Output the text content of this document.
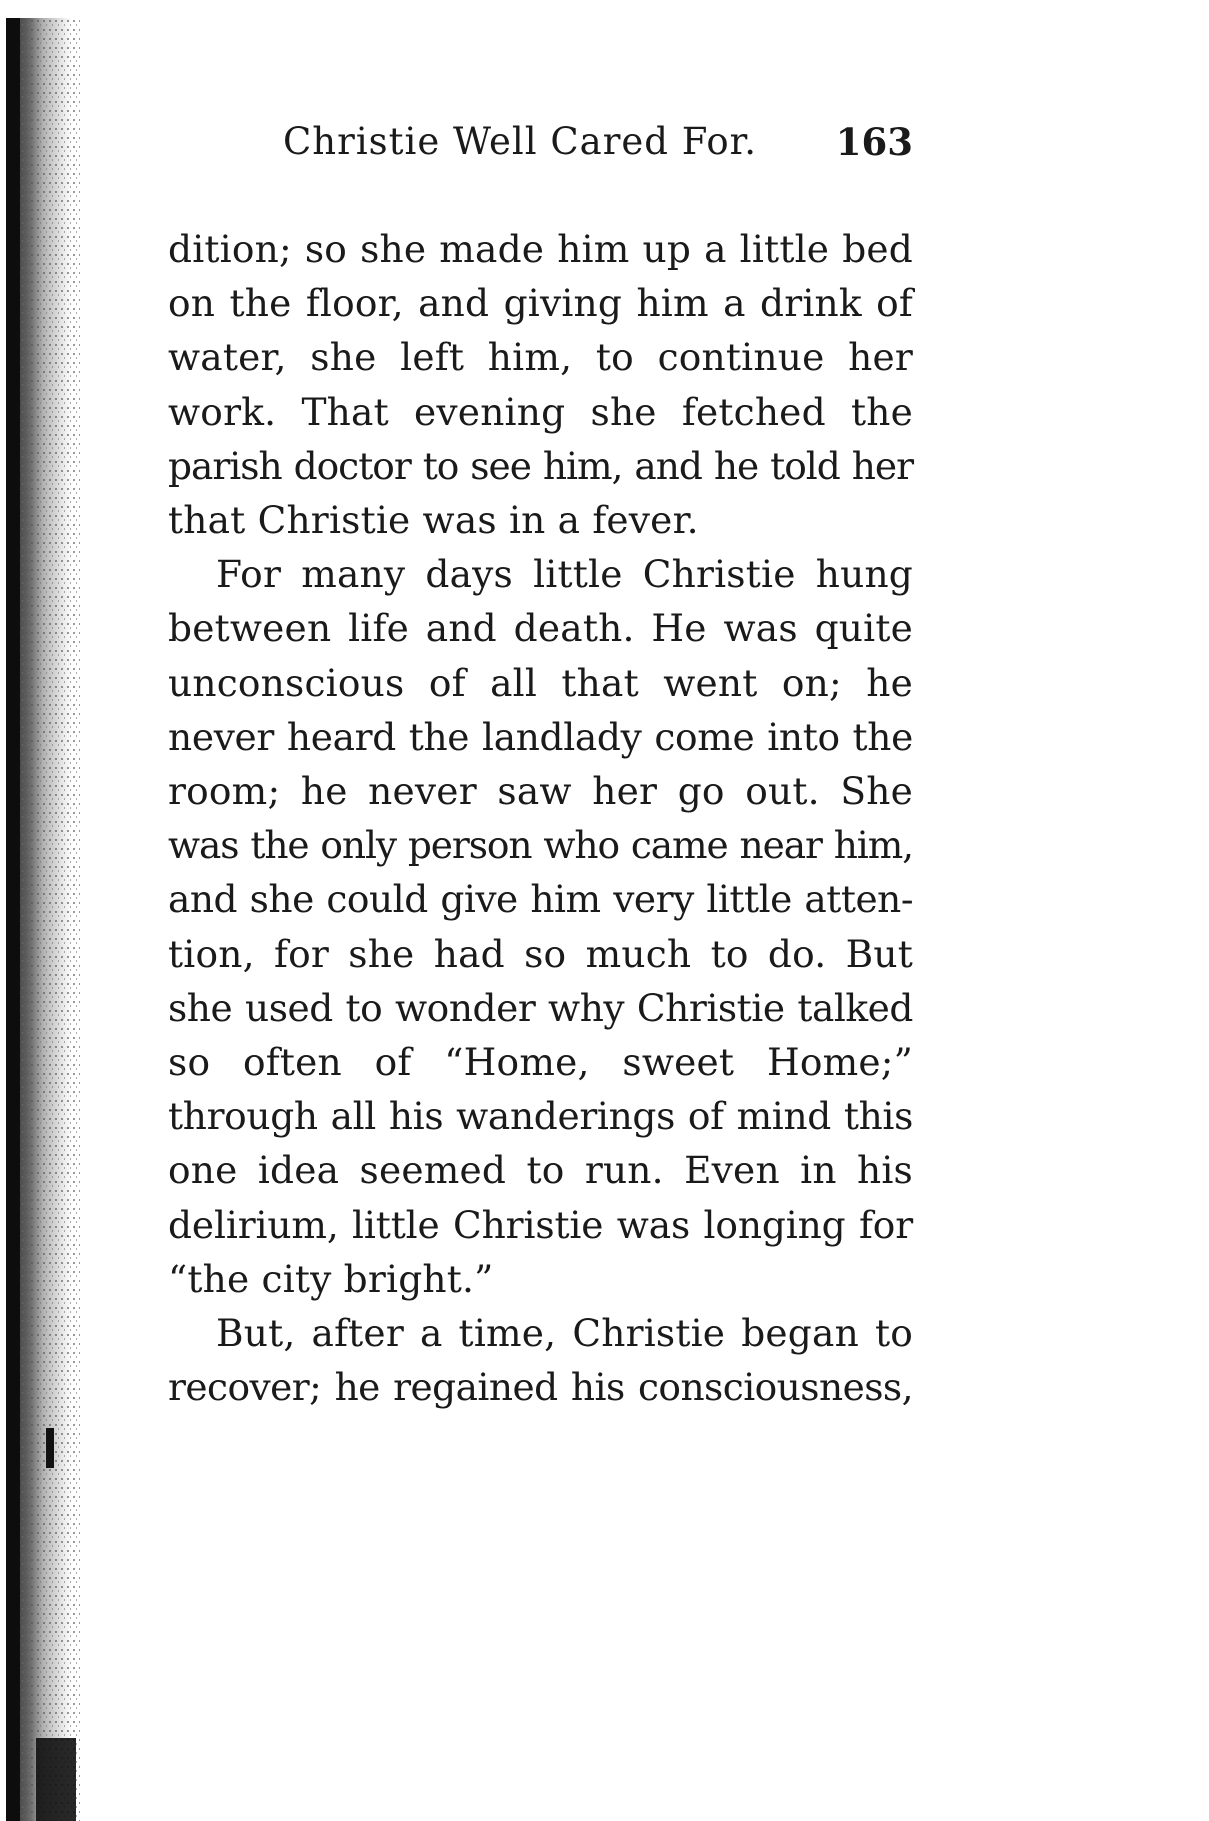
Christie Well Cared For. 163

dition; so she made him up a little bed
on the floor, and giving him a drink of
water, she left him, to continue her
work. That evening she fetched the
parish doctor to see him, and he told her
that Christie was in a fever.

For many days little Christie hung
between life and death. He was quite
unconscious of all that went on; he
never heard the landlady come into the
room; he never saw her go out. She
was the only person who came near him,
and she could give him very little atten-
tion, for she had so much to do. But
she used to wonder why Christie talked
so often of “Home, sweet Home;”
through all his wanderings of mind this
one idea seemed to run. Even in his
delirium, little Christie was longing for
“the city bright.”

But, after a time, Christie began to
recover; he regained his consciousness,
